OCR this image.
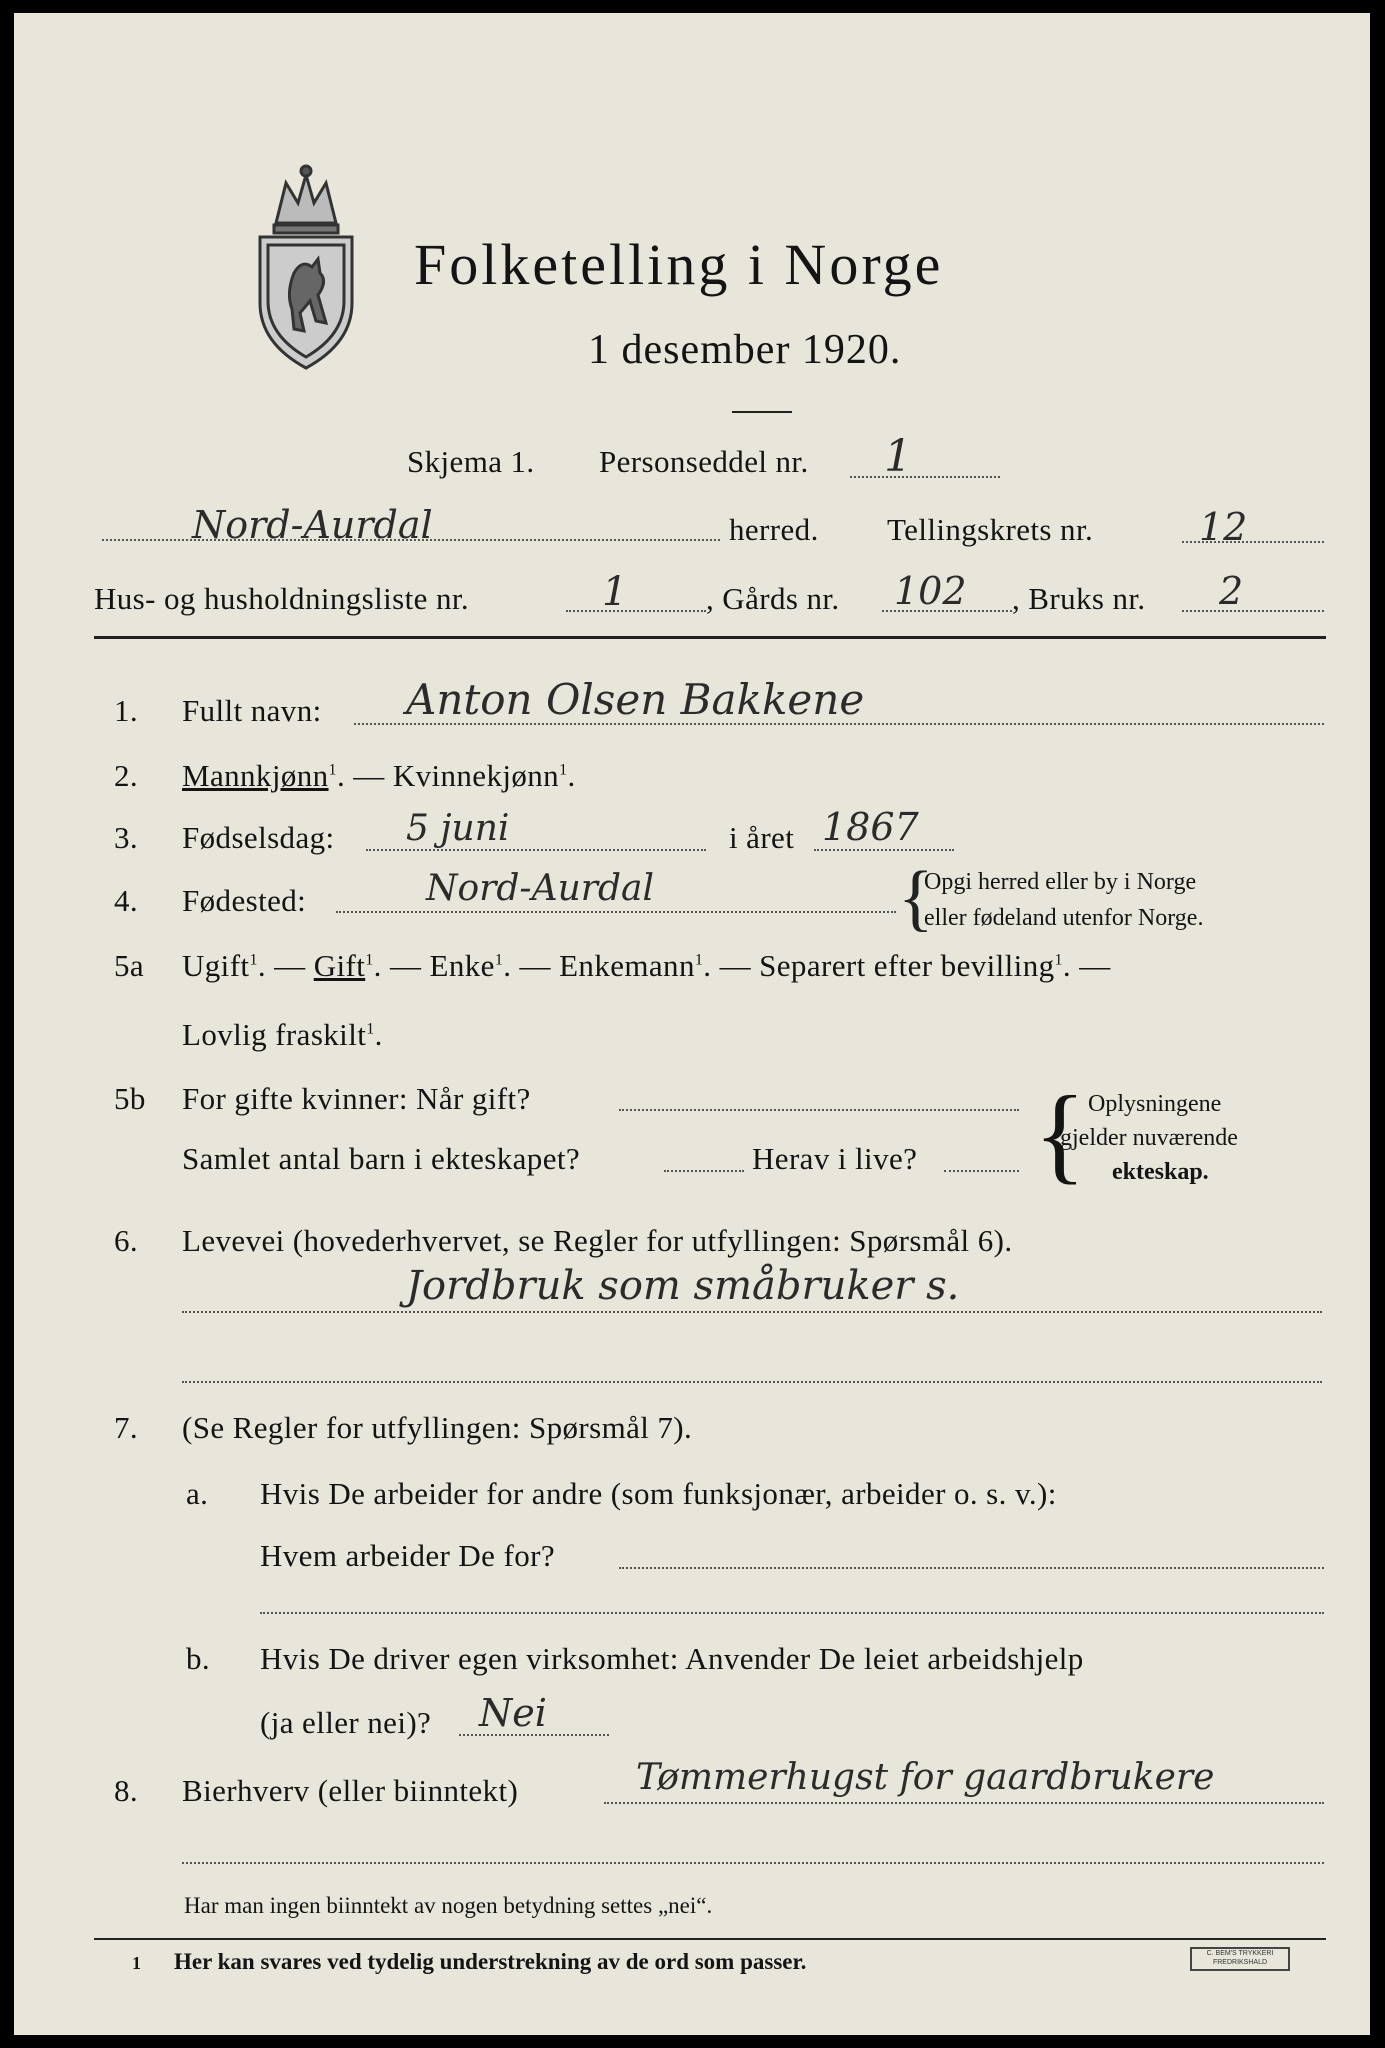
Folketelling i Norge
1 desember 1920.
Skjema 1. Personseddel nr. 1
Nord-Aurdal	herred. Tellingskrets nr.	12
Hus- og husholdningsliste nr.	1	, Gårds nr. 102 , Bruks nr. 2
1. Fullt navn: Anton Olsen Bakkene
2. Mannkjønn$^1$. — Kvinnekjønn$^1$.
3. Fødselsdag: 5 juni	i året 1867
4. Fødested:	Nord-Aurdal	{
Opgi herred eller by i Norge
eller fødeland utenfor Norge.
5a Ugift$^1$. — Gift$^1$. — Enke$^1$. — Enkemann$^1$. — Separert efter bevilling$^1$. —
Lovlig fraskilt$^1$.
5b For gifte kvinner: Når gift?
Samlet antal barn i ekteskapet?	Herav i live? { Oplysningene
gjelder nuværende
ekteskap.
6. Levevei (hovederhvervet, se Regler for utfyllingen: Spørsmål 6).
Jordbruk som småbruker s.
7. (Se Regler for utfyllingen: Spørsmål 7).
a. Hvis De arbeider for andre (som funksjonær, arbeider o. s. v.):
Hvem arbeider De for?
b. Hvis De driver egen virksomhet: Anvender De leiet arbeidshjelp
(ja eller nei)? Nei
8. Bierhverv (eller biinntekt)	Tømmerhugst for gaardbrukere
Har man ingen biinntekt av nogen betydning settes „nei“.
1 Her kan svares ved tydelig understrekning av de ord som passer.	C. BEM'S TRYKKERI
FREDRIKSHALD
